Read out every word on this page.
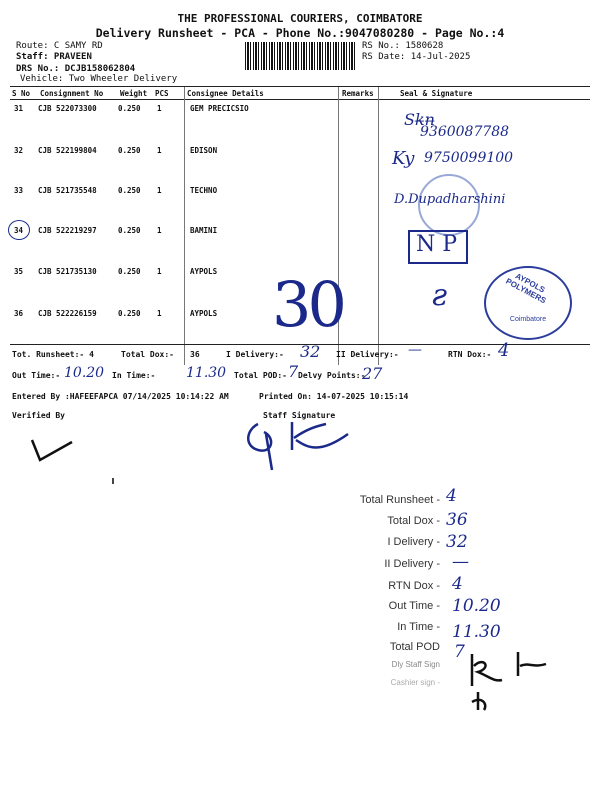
THE PROFESSIONAL COURIERS, COIMBATORE
Delivery Runsheet - PCA - Phone No.:9047080280 - Page No.:4
Route: C SAMY RD
Staff: PRAVEEN
DRS No.: DCJB158062804
Vehicle: Two Wheeler Delivery
RS No.: 1580628
RS Date: 14-Jul-2025
S No Consignment No Weight PCS Consignee Details	Remarks	Seal & Signature
31 CJB 522073300	0.250 1	GEM PRECICSIO
Sk̶n̶
9360087788
32 CJB 522199804	0.250 1	EDISON	Ky 9750099100
33 CJB 521735548	0.250 1	TECHNO
D.Dupadharshini
34 CJB 522219297	0.250 1	BAMINI
N P
35 CJB 521735130	0.250 1	AYPOLS
36 CJB 522226159	0.250 1	AYPOLS 30	ƨ	AYPOLS POLYMERS
Coimbatore
Tot. Runsheet:- 4	Total Dox:- 36	I Delivery:- 32 II Delivery:- —	RTN Dox:- 4
Out Time:- 10.20 In Time:- 11.30 Total POD:- 7 Delvy Points:-
27
Entered By :HAFEEFAPCA 07/14/2025 10:14:22 AM	Printed On: 14-07-2025 10:15:14
Verified By	Staff Signature
Total Runsheet - 4
Total Dox - 36
I Delivery - 32
II Delivery - —
RTN Dox - 4
Out Time - 10.20
In Time - 11.30
Total POD 7
Dly Staff Sign
Cashier sign -
